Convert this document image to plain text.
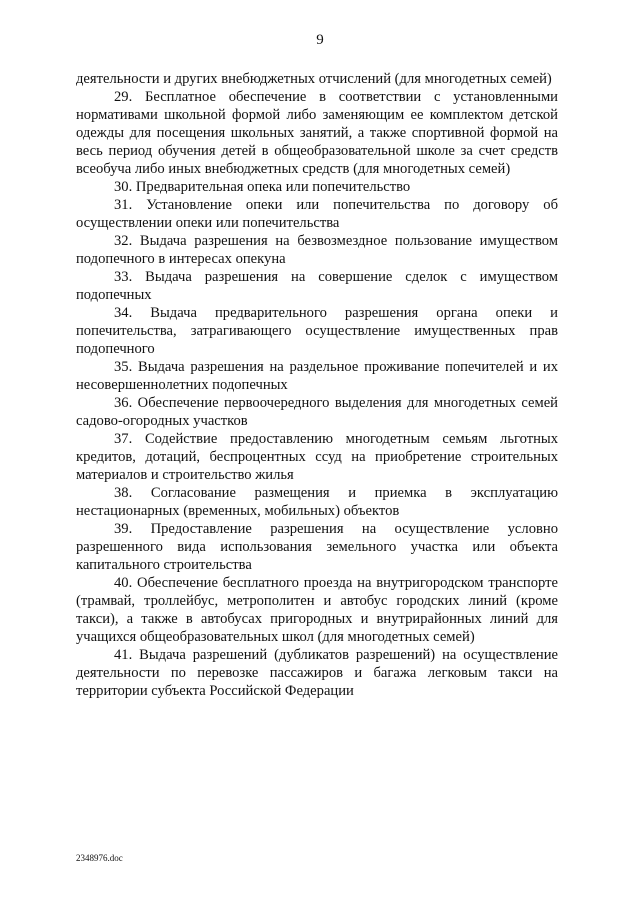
9

деятельности и других внебюджетных отчислений (для многодетных семей)

29. Бесплатное обеспечение в соответствии с установленными нормативами школьной формой либо заменяющим ее комплектом детской одежды для посещения школьных занятий, а также спортивной формой на весь период обучения детей в общеобразовательной школе за счет средств всеобуча либо иных внебюджетных средств (для многодетных семей)

30. Предварительная опека или попечительство

31. Установление опеки или попечительства по договору об осуществлении опеки или попечительства

32. Выдача разрешения на безвозмездное пользование имуществом подопечного в интересах опекуна

33. Выдача разрешения на совершение сделок с имуществом подопечных

34. Выдача предварительного разрешения органа опеки и попечительства, затрагивающего осуществление имущественных прав подопечного

35. Выдача разрешения на раздельное проживание попечителей и их несовершеннолетних подопечных

36. Обеспечение первоочередного выделения для многодетных семей садово-огородных участков

37. Содействие предоставлению многодетным семьям льготных кредитов, дотаций, беспроцентных ссуд на приобретение строительных материалов и строительство жилья

38. Согласование размещения и приемка в эксплуатацию нестационарных (временных, мобильных) объектов

39. Предоставление разрешения на осуществление условно разрешенного вида использования земельного участка или объекта капитального строительства

40. Обеспечение бесплатного проезда на внутригородском транспорте (трамвай, троллейбус, метрополитен и автобус городских линий (кроме такси), а также в автобусах пригородных и внутрирайонных линий для учащихся общеобразовательных школ (для многодетных семей)

41. Выдача разрешений (дубликатов разрешений) на осуществление деятельности по перевозке пассажиров и багажа легковым такси на территории субъекта Российской Федерации

2348976.doc
